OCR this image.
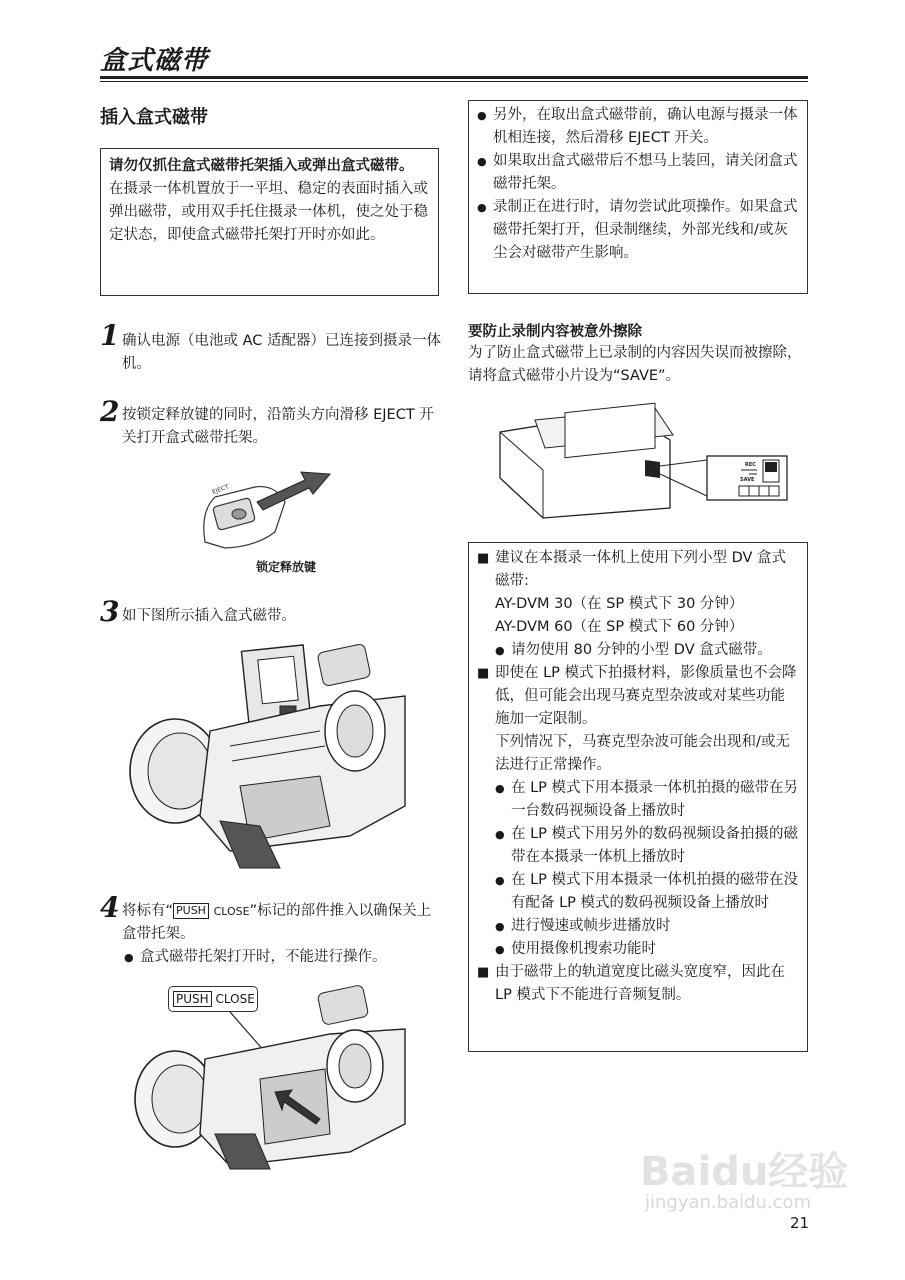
盒式磁带
插入盒式磁带
请勿仅抓住盒式磁带托架插入或弹出盒式磁带。
在摄录一体机置放于一平坦、稳定的表面时插入或弹出磁带，或用双手托住摄录一体机，使之处于稳定状态，即使盒式磁带托架打开时亦如此。
1 确认电源（电池或 AC 适配器）已连接到摄录一体机。
2 按锁定释放键的同时，沿箭头方向滑移 EJECT 开关打开盒式磁带托架。
EJECT
锁定释放键
3 如下图所示插入盒式磁带。
4 将标有“ PUSH CLOSE”标记的部件推入以确保关上盒带托架。
● 盒式磁带托架打开时，不能进行操作。
PUSH CLOSE
● 另外，在取出盒式磁带前，确认电源与摄录一体机相连接，然后滑移 EJECT 开关。
● 如果取出盒式磁带后不想马上装回，请关闭盒式磁带托架。
● 录制正在进行时，请勿尝试此项操作。如果盒式磁带托架打开，但录制继续，外部光线和/或灰尘会对磁带产生影响。
要防止录制内容被意外擦除
为了防止盒式磁带上已录制的内容因失误而被擦除，请将盒式磁带小片设为“SAVE”。
REC
SAVE
■ 建议在本摄录一体机上使用下列小型 DV 盒式磁带:
AY-DVM 30（在 SP 模式下 30 分钟）
AY-DVM 60（在 SP 模式下 60 分钟）
● 请勿使用 80 分钟的小型 DV 盒式磁带。
■ 即使在 LP 模式下拍摄材料，影像质量也不会降低，但可能会出现马赛克型杂波或对某些功能施加一定限制。
下列情况下，马赛克型杂波可能会出现和/或无法进行正常操作。
● 在 LP 模式下用本摄录一体机拍摄的磁带在另一台数码视频设备上播放时
● 在 LP 模式下用另外的数码视频设备拍摄的磁带在本摄录一体机上播放时
● 在 LP 模式下用本摄录一体机拍摄的磁带在没有配备 LP 模式的数码视频设备上播放时
● 进行慢速或帧步进播放时
● 使用摄像机搜索功能时
■ 由于磁带上的轨道宽度比磁头宽度窄，因此在 LP 模式下不能进行音频复制。
Baidu经验
jingyan.baidu.com
21
